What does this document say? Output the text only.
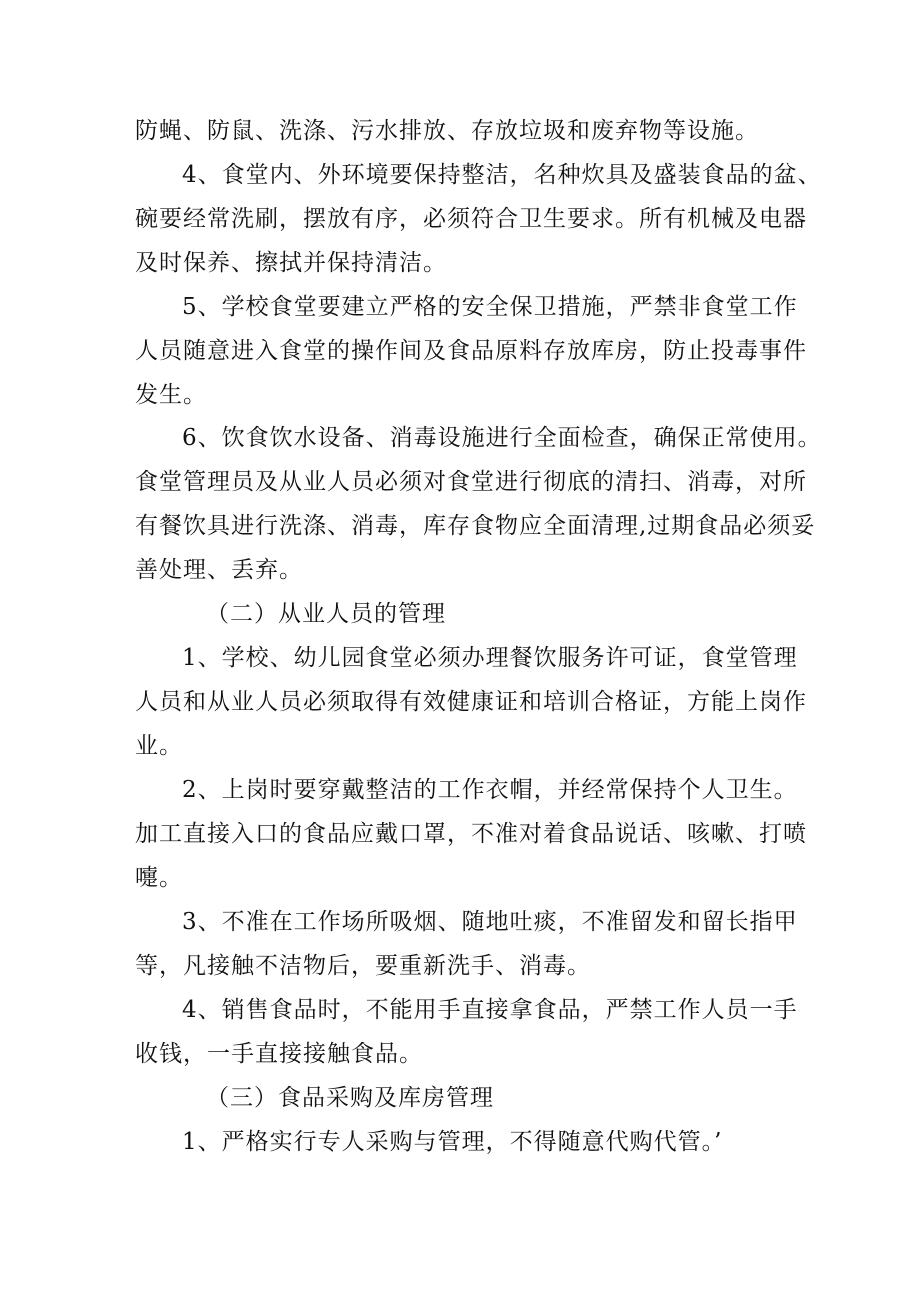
防蝇、防鼠、洗涤、污水排放、存放垃圾和废弃物等设施。
4、食堂内、外环境要保持整洁，名种炊具及盛装食品的盆、
碗要经常洗刷，摆放有序，必须符合卫生要求。所有机械及电器
及时保养、擦拭并保持清洁。
5、学校食堂要建立严格的安全保卫措施，严禁非食堂工作
人员随意进入食堂的操作间及食品原料存放库房，防止投毒事件
发生。
6、饮食饮水设备、消毒设施进行全面检查，确保正常使用。
食堂管理员及从业人员必须对食堂进行彻底的清扫、消毒，对所
有餐饮具进行洗涤、消毒，库存食物应全面清理,过期食品必须妥
善处理、丢弃。
（二）从业人员的管理
1、学校、幼儿园食堂必须办理餐饮服务许可证，食堂管理
人员和从业人员必须取得有效健康证和培训合格证，方能上岗作
业。
2、上岗时要穿戴整洁的工作衣帽，并经常保持个人卫生。
加工直接入口的食品应戴口罩，不准对着食品说话、咳嗽、打喷
嚏。
3、不准在工作场所吸烟、随地吐痰，不准留发和留长指甲
等，凡接触不洁物后，要重新洗手、消毒。
4、销售食品时，不能用手直接拿食品，严禁工作人员一手
收钱，一手直接接触食品。
（三）食品采购及库房管理
1、严格实行专人采购与管理，不得随意代购代管。’
